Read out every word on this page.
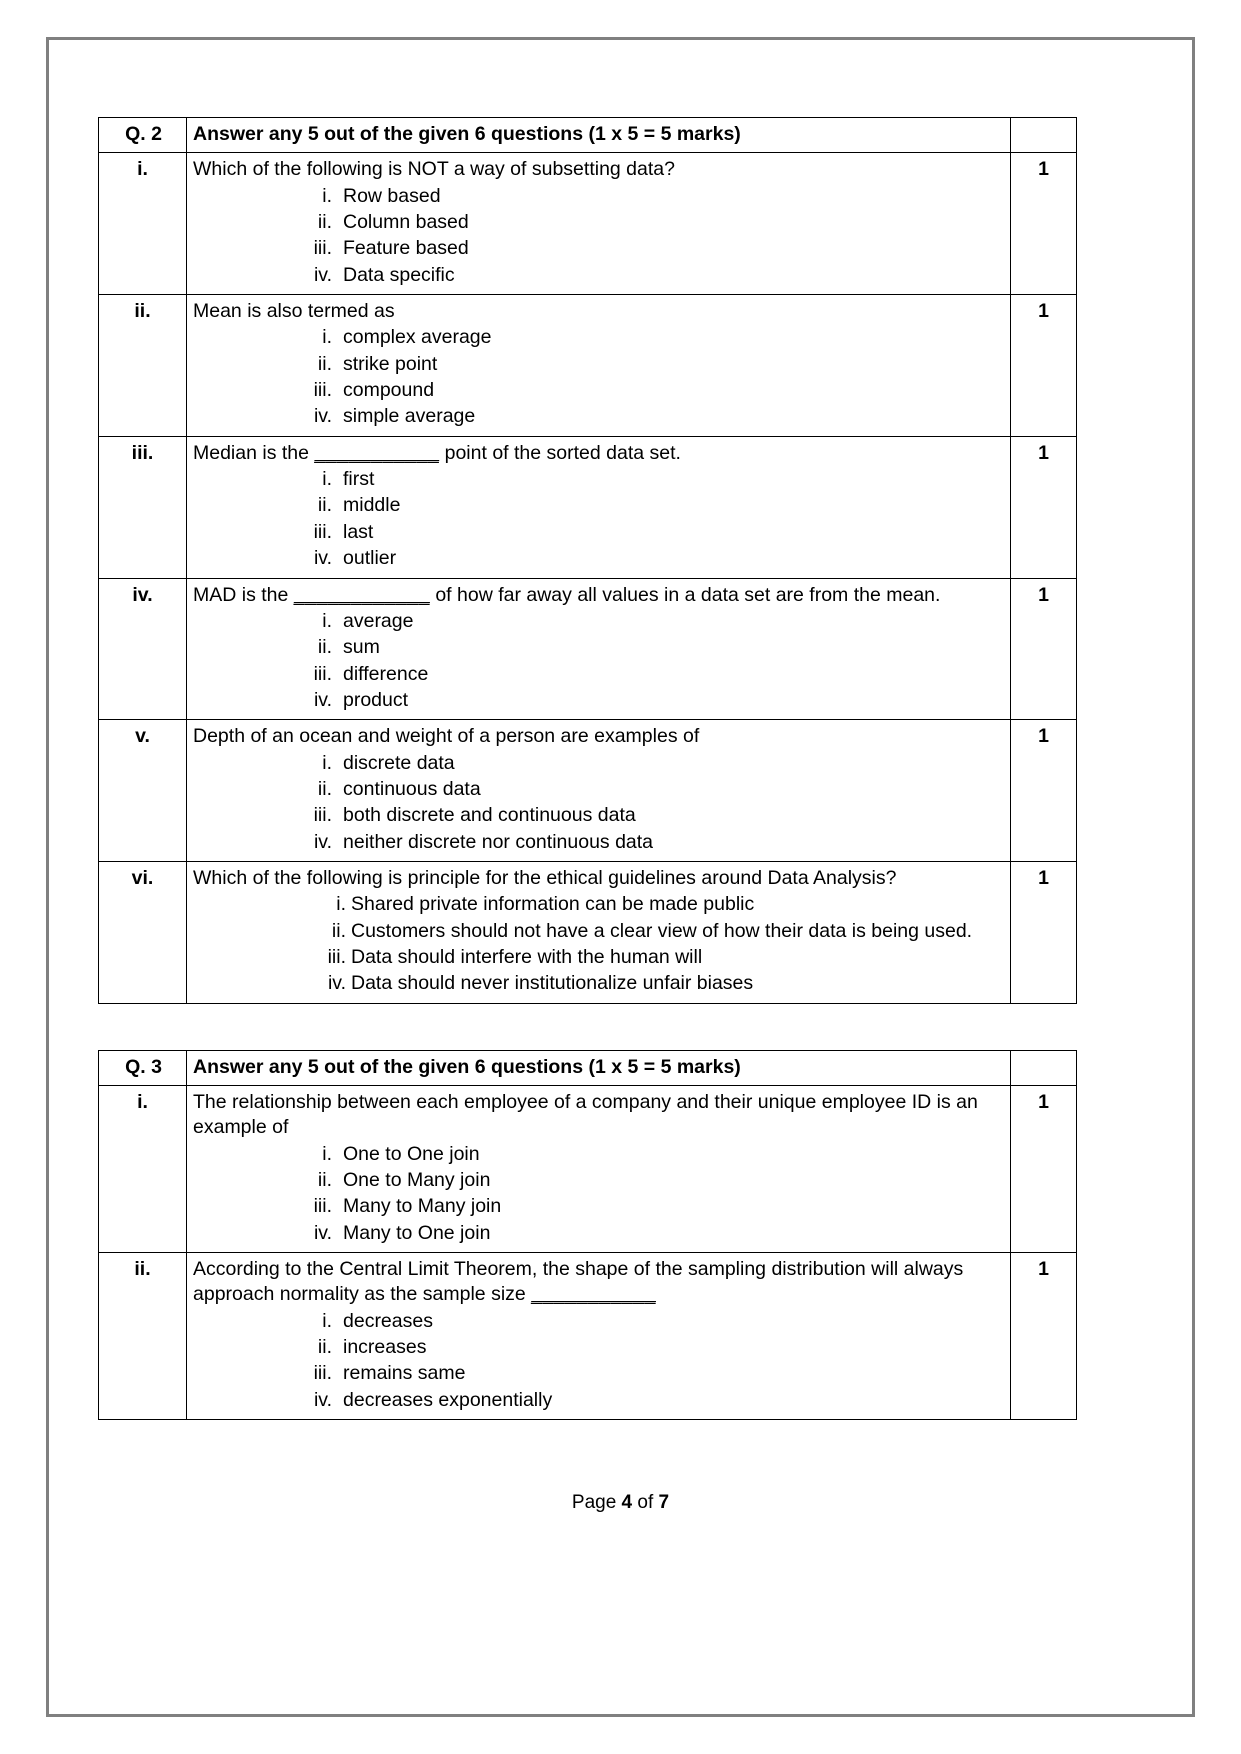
Q. 2	Answer any 5 out of the given 6 questions (1 x 5 = 5 marks)	
i.	Which of the following is NOT a way of subsetting data?
i. Row based
ii. Column based
iii. Feature based
iv. Data specific
	1
ii.	Mean is also termed as
i. complex average
ii. strike point
iii. compound
iv. simple average
	1
iii.	Median is the ___________ point of the sorted data set.
i. first
ii. middle
iii. last
iv. outlier
	1
iv.	MAD is the ____________ of how far away all values in a data set are from the mean.
i. average
ii. sum
iii. difference
iv. product
	1
v.	Depth of an ocean and weight of a person are examples of
i. discrete data
ii. continuous data
iii. both discrete and continuous data
iv. neither discrete nor continuous data
	1
vi.	Which of the following is principle for the ethical guidelines around Data Analysis?
i. Shared private information can be made public
ii. Customers should not have a clear view of how their data is being used.
iii. Data should interfere with the human will
iv. Data should never institutionalize unfair biases
	1
Q. 3	Answer any 5 out of the given 6 questions (1 x 5 = 5 marks)	
i.	The relationship between each employee of a company and their unique employee ID is an example of
i. One to One join
ii. One to Many join
iii. Many to Many join
iv. Many to One join
	1
ii.	According to the Central Limit Theorem, the shape of the sampling distribution will always approach normality as the sample size ___________
i. decreases
ii. increases
iii. remains same
iv. decreases exponentially
	1
Page 4 of 7
